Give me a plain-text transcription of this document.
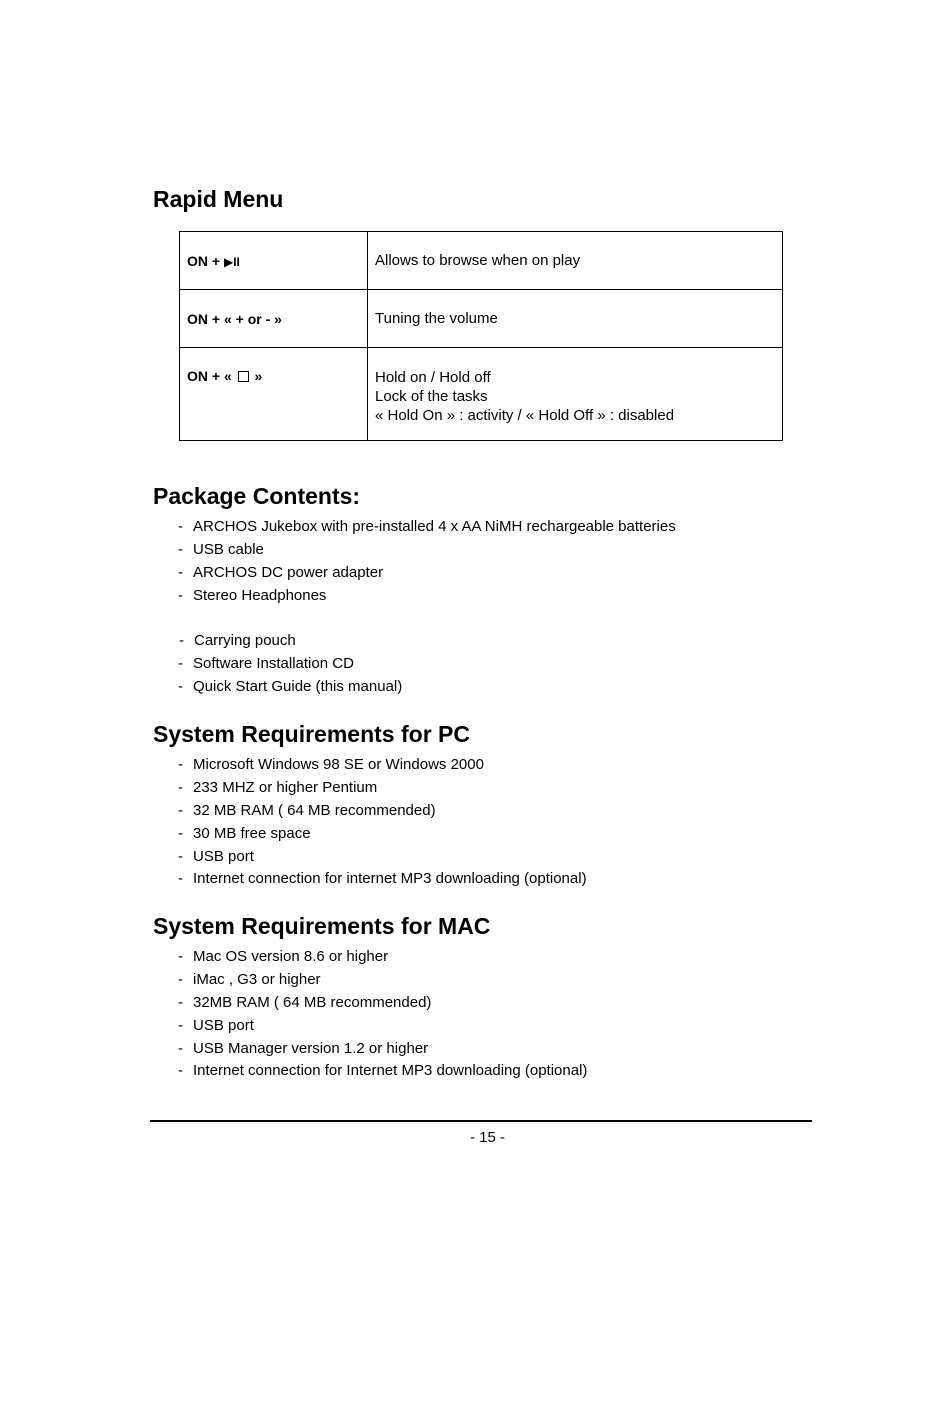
Rapid Menu
ON + ▶II	Allows to browse when on play

ON + « + or - »	Tuning the volume

ON + «  »	Hold on / Hold off
Lock of the tasks
« Hold On » : activity / « Hold Off » : disabled
Package Contents:
- ARCHOS Jukebox with pre-installed 4 x AA NiMH rechargeable batteries
- USB cable
- ARCHOS DC power adapter
- Stereo Headphones
- Carrying pouch
- Software Installation CD
- Quick Start Guide (this manual)
System Requirements for PC
- Microsoft Windows 98 SE or Windows 2000
- 233 MHZ or higher Pentium
- 32 MB RAM ( 64 MB recommended)
- 30 MB free space
- USB port
- Internet connection for internet MP3 downloading (optional)
System Requirements for MAC
- Mac OS version 8.6 or higher
- iMac , G3 or higher
- 32MB RAM ( 64 MB recommended)
- USB port
- USB Manager version 1.2 or higher
- Internet connection for Internet MP3 downloading (optional)
- 15 -
